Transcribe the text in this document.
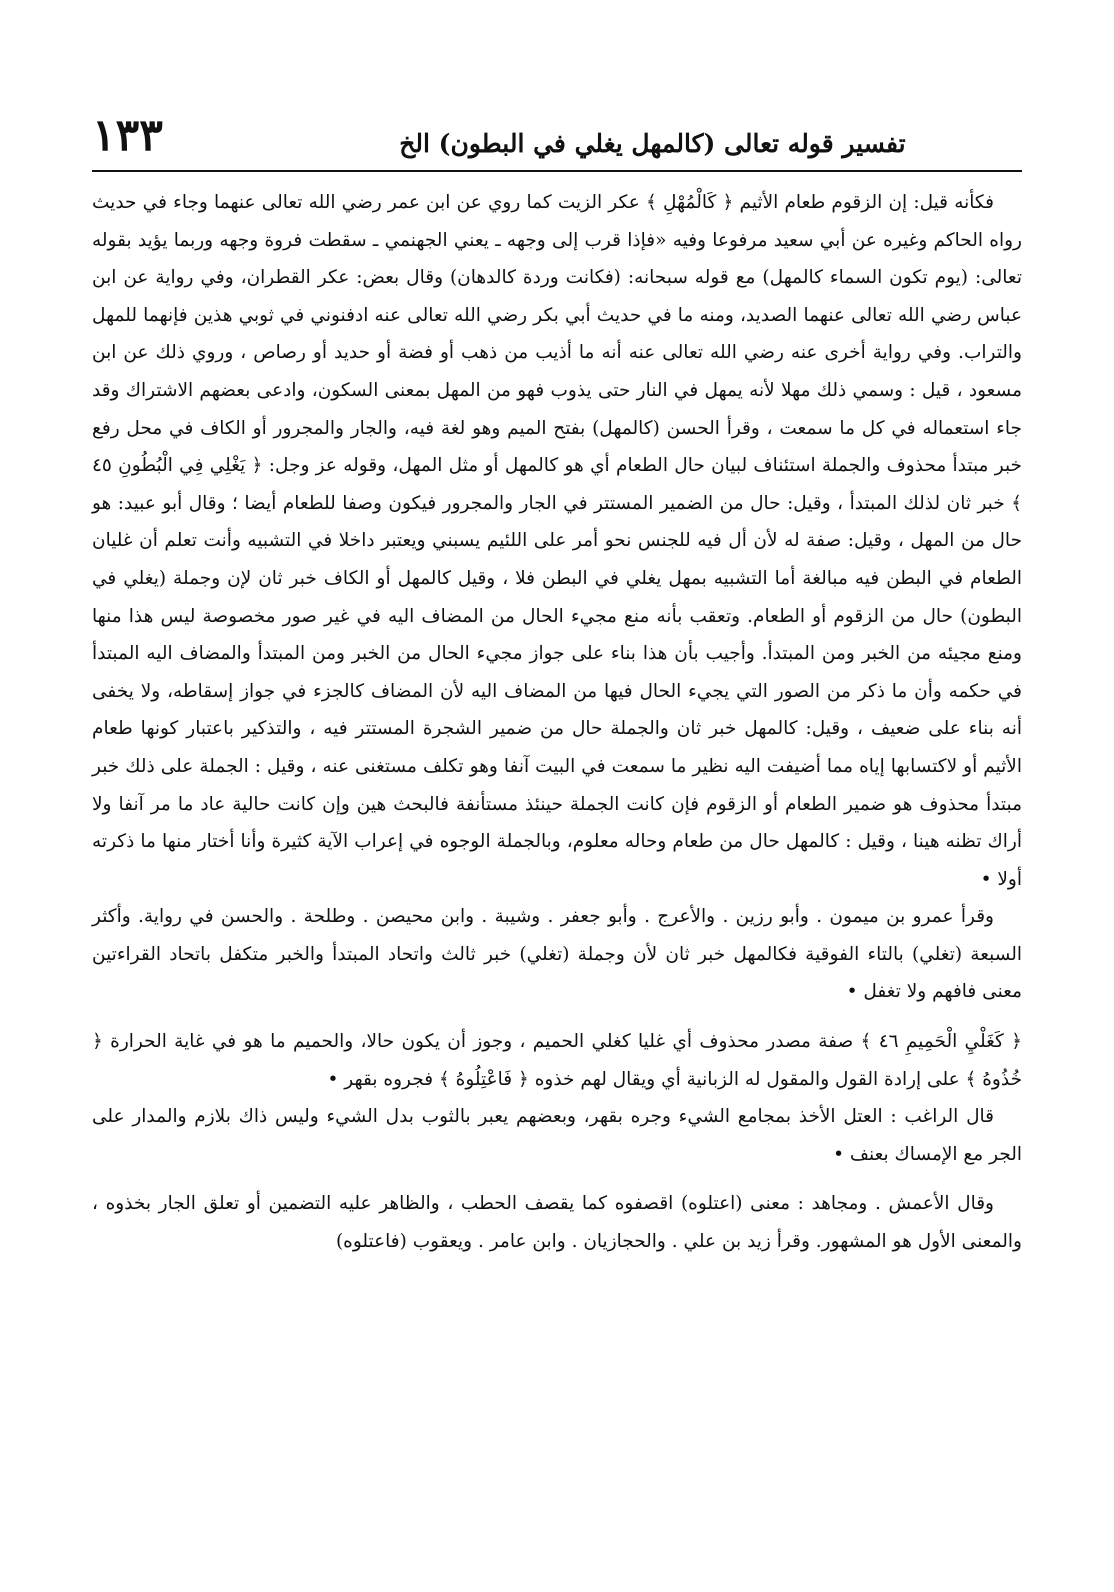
تفسير قوله تعالى (كالمهل يغلي في البطون) الخ
١٣٣

فكأنه قيل: إن الزقوم طعام الأثيم ﴿ كَالْمُهْلِ ﴾ عكر الزيت كما روي عن ابن عمر رضي الله تعالى عنهما وجاء في حديث رواه الحاكم وغيره عن أبي سعيد مرفوعا وفيه «فإذا قرب إلى وجهه ـ يعني الجهنمي ـ سقطت فروة وجهه وربما يؤيد بقوله تعالى: (يوم تكون السماء كالمهل) مع قوله سبحانه: (فكانت وردة كالدهان) وقال بعض: عكر القطران، وفي رواية عن ابن عباس رضي الله تعالى عنهما الصديد، ومنه ما في حديث أبي بكر رضي الله تعالى عنه ادفنوني في ثوبي هذين فإنهما للمهل والتراب. وفي رواية أخرى عنه رضي الله تعالى عنه أنه ما أذيب من ذهب أو فضة أو حديد أو رصاص ، وروي ذلك عن ابن مسعود ، قيل : وسمي ذلك مهلا لأنه يمهل في النار حتى يذوب فهو من المهل بمعنى السكون، وادعى بعضهم الاشتراك وقد جاء استعماله في كل ما سمعت ، وقرأ الحسن (كالمهل) بفتح الميم وهو لغة فيه، والجار والمجرور أو الكاف في محل رفع خبر مبتدأ محذوف والجملة استئناف لبيان حال الطعام أي هو كالمهل أو مثل المهل، وقوله عز وجل: ﴿ يَغْلِي فِي الْبُطُونِ ٤٥ ﴾ خبر ثان لذلك المبتدأ ، وقيل: حال من الضمير المستتر في الجار والمجرور فيكون وصفا للطعام أيضا ؛ وقال أبو عبيد: هو حال من المهل ، وقيل: صفة له لأن أل فيه للجنس نحو أمر على اللئيم يسبني ويعتبر داخلا في التشبيه وأنت تعلم أن غليان الطعام في البطن فيه مبالغة أما التشبيه بمهل يغلي في البطن فلا ، وقيل كالمهل أو الكاف خبر ثان لإن وجملة (يغلي في البطون) حال من الزقوم أو الطعام. وتعقب بأنه منع مجيء الحال من المضاف اليه في غير صور مخصوصة ليس هذا منها ومنع مجيئه من الخبر ومن المبتدأ. وأجيب بأن هذا بناء على جواز مجيء الحال من الخبر ومن المبتدأ والمضاف اليه المبتدأ في حكمه وأن ما ذكر من الصور التي يجيء الحال فيها من المضاف اليه لأن المضاف كالجزء في جواز إسقاطه، ولا يخفى أنه بناء على ضعيف ، وقيل: كالمهل خبر ثان والجملة حال من ضمير الشجرة المستتر فيه ، والتذكير باعتبار كونها طعام الأثيم أو لاكتسابها إياه مما أضيفت اليه نظير ما سمعت في البيت آنفا وهو تكلف مستغنى عنه ، وقيل : الجملة على ذلك خبر مبتدأ محذوف هو ضمير الطعام أو الزقوم فإن كانت الجملة حينئذ مستأنفة فالبحث هين وإن كانت حالية عاد ما مر آنفا ولا أراك تظنه هينا ، وقيل : كالمهل حال من طعام وحاله معلوم، وبالجملة الوجوه في إعراب الآية كثيرة وأنا أختار منها ما ذكرته أولا •

وقرأ عمرو بن ميمون . وأبو رزين . والأعرج . وأبو جعفر . وشيبة . وابن محيصن . وطلحة . والحسن في رواية. وأكثر السبعة (تغلي) بالتاء الفوقية فكالمهل خبر ثان لأن وجملة (تغلي) خبر ثالث واتحاد المبتدأ والخبر متكفل باتحاد القراءتين معنى فافهم ولا تغفل •

﴿ كَغَلْيِ الْحَمِيمِ ٤٦ ﴾ صفة مصدر محذوف أي غليا كغلي الحميم ، وجوز أن يكون حالا، والحميم ما هو في غاية الحرارة ﴿ خُذُوهُ ﴾ على إرادة القول والمقول له الزبانية أي ويقال لهم خذوه ﴿ فَاعْتِلُوهُ ﴾ فجروه بقهر •

قال الراغب : العتل الأخذ بمجامع الشيء وجره بقهر، وبعضهم يعبر بالثوب بدل الشيء وليس ذاك بلازم والمدار على الجر مع الإمساك بعنف •

وقال الأعمش . ومجاهد : معنى (اعتلوه) اقصفوه كما يقصف الحطب ، والظاهر عليه التضمين أو تعلق الجار بخذوه ، والمعنى الأول هو المشهور. وقرأ زيد بن علي . والحجازيان . وابن عامر . ويعقوب (فاعتلوه)
